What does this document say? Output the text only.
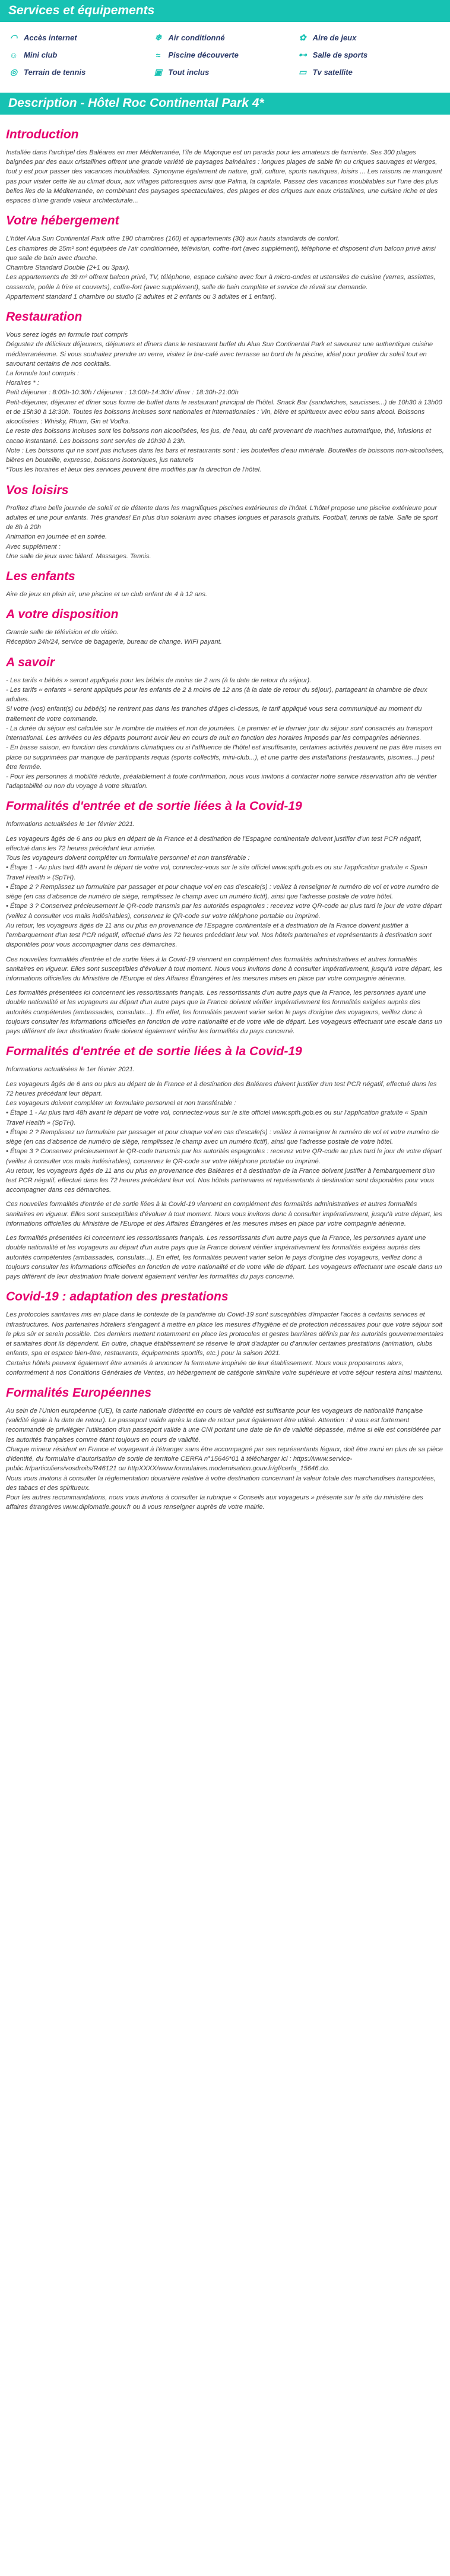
Services et équipements
◠ Accès internet	❄ Air conditionné	✿ Aire de jeux
☺ Mini club	≈	Piscine découverte	⊷ Salle de sports
◎ Terrain de tennis	▣ Tout inclus	▭ Tv satellite
Description - Hôtel Roc Continental Park 4*
Introduction

Installée dans l'archipel des Baléares en mer Méditerranée, l'île de Majorque est un paradis pour les amateurs de farniente. Ses 300 plages baignées par des eaux cristallines offrent une grande variété de paysages balnéaires : longues plages de sable fin ou criques sauvages et vierges, tout y est pour passer des vacances inoubliables. Synonyme également de nature, golf, culture, sports nautiques, loisirs ... Les raisons ne manquent pas pour visiter cette île au climat doux, aux villages pittoresques ainsi que Palma, la capitale. Passez des vacances inoubliables sur l'une des plus belles îles de la Méditerranée, en combinant des paysages spectaculaires, des plages et des criques aux eaux cristallines, une cuisine riche et des espaces d'une grande valeur architecturale...

Votre hébergement

L'hôtel Alua Sun Continental Park offre 190 chambres (160) et appartements (30) aux hauts standards de confort.
Les chambres de 25m² sont équipées de l'air conditionnée, télévision, coffre-fort (avec supplément), téléphone et disposent d'un balcon privé ainsi que salle de bain avec douche.
Chambre Standard Double (2+1 ou 3pax).
Les appartements de 39 m² offrent balcon privé, TV, téléphone, espace cuisine avec four à micro-ondes et ustensiles de cuisine (verres, assiettes, casserole, poêle à frire et couverts), coffre-fort (avec supplément), salle de bain complète et service de réveil sur demande.
Appartement standard 1 chambre ou studio (2 adultes et 2 enfants ou 3 adultes et 1 enfant).

Restauration

Vous serez logés en formule tout compris
Dégustez de délicieux déjeuners, déjeuners et dîners dans le restaurant buffet du Alua Sun Continental Park et savourez une authentique cuisine méditerranéenne. Si vous souhaitez prendre un verre, visitez le bar-café avec terrasse au bord de la piscine, idéal pour profiter du soleil tout en savourant certains de nos cocktails.
La formule tout compris :
Horaires * :
Petit déjeuner : 8:00h-10:30h / déjeuner : 13:00h-14:30h/ dîner : 18:30h-21:00h
Petit-déjeuner, déjeuner et dîner sous forme de buffet dans le restaurant principal de l'hôtel. Snack Bar (sandwiches, saucisses...) de 10h30 à 13h00 et de 15h30 à 18:30h. Toutes les boissons incluses sont nationales et internationales : Vin, bière et spiritueux avec et/ou sans alcool. Boissons alcoolisées : Whisky, Rhum, Gin et Vodka.
Le reste des boissons incluses sont les boissons non alcoolisées, les jus, de l'eau, du café provenant de machines automatique, thé, infusions et cacao instantané. Les boissons sont servies de 10h30 à 23h.
Note : Les boissons qui ne sont pas incluses dans les bars et restaurants sont : les bouteilles d'eau minérale. Bouteilles de boissons non-alcoolisées, bières en bouteille, expresso, boissons isotoniques, jus naturels
*Tous les horaires et lieux des services peuvent être modifiés par la direction de l'hôtel.

Vos loisirs

Profitez d'une belle journée de soleil et de détente dans les magnifiques piscines extérieures de l'hôtel. L'hôtel propose une piscine extérieure pour adultes et une pour enfants. Très grandes! En plus d'un solarium avec chaises longues et parasols gratuits. Football, tennis de table. Salle de sport de 8h à 20h
Animation en journée et en soirée.
Avec supplément :
Une salle de jeux avec billard. Massages. Tennis.

Les enfants

Aire de jeux en plein air, une piscine et un club enfant de 4 à 12 ans.

A votre disposition

Grande salle de télévision et de vidéo.
Réception 24h/24, service de bagagerie, bureau de change. WIFI payant.

A savoir

- Les tarifs « bébés » seront appliqués pour les bébés de moins de 2 ans (à la date de retour du séjour).
- Les tarifs « enfants » seront appliqués pour les enfants de 2 à moins de 12 ans (à la date de retour du séjour), partageant la chambre de deux adultes.
Si votre (vos) enfant(s) ou bébé(s) ne rentrent pas dans les tranches d'âges ci-dessus, le tarif appliqué vous sera communiqué au moment du traitement de votre commande.
- La durée du séjour est calculée sur le nombre de nuitées et non de journées. Le premier et le dernier jour du séjour sont consacrés au transport international. Les arrivées ou les départs pourront avoir lieu en cours de nuit en fonction des horaires imposés par les compagnies aériennes.
- En basse saison, en fonction des conditions climatiques ou si l'affluence de l'hôtel est insuffisante, certaines activités peuvent ne pas être mises en place ou supprimées par manque de participants requis (sports collectifs, mini-club...), et une partie des installations (restaurants, piscines...) peut être fermée.
- Pour les personnes à mobilité réduite, préalablement à toute confirmation, nous vous invitons à contacter notre service réservation afin de vérifier l'adaptabilité ou non du voyage à votre situation.

Formalités d'entrée et de sortie liées à la Covid-19

Informations actualisées le 1er février 2021.

Les voyageurs âgés de 6 ans ou plus en départ de la France et à destination de l'Espagne continentale doivent justifier d'un test PCR négatif, effectué dans les 72 heures précédant leur arrivée.
Tous les voyageurs doivent compléter un formulaire personnel et non transférable :
• Étape 1 - Au plus tard 48h avant le départ de votre vol, connectez-vous sur le site officiel www.spth.gob.es ou sur l'application gratuite « Spain Travel Health » (SpTH).
• Étape 2 ? Remplissez un formulaire par passager et pour chaque vol en cas d'escale(s) : veillez à renseigner le numéro de vol et votre numéro de siège (en cas d'absence de numéro de siège, remplissez le champ avec un numéro fictif), ainsi que l'adresse postale de votre hôtel.
• Étape 3 ? Conservez précieusement le QR-code transmis par les autorités espagnoles : recevez votre QR-code au plus tard le jour de votre départ (veillez à consulter vos mails indésirables), conservez le QR-code sur votre téléphone portable ou imprimé.
Au retour, les voyageurs âgés de 11 ans ou plus en provenance de l'Espagne continentale et à destination de la France doivent justifier à l'embarquement d'un test PCR négatif, effectué dans les 72 heures précédant leur vol. Nos hôtels partenaires et représentants à destination sont disponibles pour vous accompagner dans ces démarches.

Ces nouvelles formalités d'entrée et de sortie liées à la Covid-19 viennent en complément des formalités administratives et autres formalités sanitaires en vigueur. Elles sont susceptibles d'évoluer à tout moment. Nous vous invitons donc à consulter impérativement, jusqu'à votre départ, les informations officielles du Ministère de l'Europe et des Affaires Étrangères et les mesures mises en place par votre compagnie aérienne.

Les formalités présentées ici concernent les ressortissants français. Les ressortissants d'un autre pays que la France, les personnes ayant une double nationalité et les voyageurs au départ d'un autre pays que la France doivent vérifier impérativement les formalités exigées auprès des autorités compétentes (ambassades, consulats...). En effet, les formalités peuvent varier selon le pays d'origine des voyageurs, veillez donc à toujours consulter les informations officielles en fonction de votre nationalité et de votre ville de départ. Les voyageurs effectuant une escale dans un pays différent de leur destination finale doivent également vérifier les formalités du pays concerné.

Formalités d'entrée et de sortie liées à la Covid-19

Informations actualisées le 1er février 2021.

Les voyageurs âgés de 6 ans ou plus au départ de la France et à destination des Baléares doivent justifier d'un test PCR négatif, effectué dans les 72 heures précédant leur départ.
Les voyageurs doivent compléter un formulaire personnel et non transférable :
• Étape 1 - Au plus tard 48h avant le départ de votre vol, connectez-vous sur le site officiel www.spth.gob.es ou sur l'application gratuite « Spain Travel Health » (SpTH).
• Étape 2 ? Remplissez un formulaire par passager et pour chaque vol en cas d'escale(s) : veillez à renseigner le numéro de vol et votre numéro de siège (en cas d'absence de numéro de siège, remplissez le champ avec un numéro fictif), ainsi que l'adresse postale de votre hôtel.
• Étape 3 ? Conservez précieusement le QR-code transmis par les autorités espagnoles : recevez votre QR-code au plus tard le jour de votre départ (veillez à consulter vos mails indésirables), conservez le QR-code sur votre téléphone portable ou imprimé.
Au retour, les voyageurs âgés de 11 ans ou plus en provenance des Baléares et à destination de la France doivent justifier à l'embarquement d'un test PCR négatif, effectué dans les 72 heures précédant leur vol. Nos hôtels partenaires et représentants à destination sont disponibles pour vous accompagner dans ces démarches.

Ces nouvelles formalités d'entrée et de sortie liées à la Covid-19 viennent en complément des formalités administratives et autres formalités sanitaires en vigueur. Elles sont susceptibles d'évoluer à tout moment. Nous vous invitons donc à consulter impérativement, jusqu'à votre départ, les informations officielles du Ministère de l'Europe et des Affaires Étrangères et les mesures mises en place par votre compagnie aérienne.

Les formalités présentées ici concernent les ressortissants français. Les ressortissants d'un autre pays que la France, les personnes ayant une double nationalité et les voyageurs au départ d'un autre pays que la France doivent vérifier impérativement les formalités exigées auprès des autorités compétentes (ambassades, consulats...). En effet, les formalités peuvent varier selon le pays d'origine des voyageurs, veillez donc à toujours consulter les informations officielles en fonction de votre nationalité et de votre ville de départ. Les voyageurs effectuant une escale dans un pays différent de leur destination finale doivent également vérifier les formalités du pays concerné.

Covid-19 : adaptation des prestations

Les protocoles sanitaires mis en place dans le contexte de la pandémie du Covid-19 sont susceptibles d'impacter l'accès à certains services et infrastructures. Nos partenaires hôteliers s'engagent à mettre en place les mesures d'hygiène et de protection nécessaires pour que votre séjour soit le plus sûr et serein possible. Ces derniers mettent notamment en place les protocoles et gestes barrières définis par les autorités gouvernementales et sanitaires dont ils dépendent. En outre, chaque établissement se réserve le droit d'adapter ou d'annuler certaines prestations (animation, clubs enfants, spa et espace bien-être, restaurants, équipements sportifs, etc.) pour la saison 2021.
Certains hôtels peuvent également être amenés à annoncer la fermeture inopinée de leur établissement. Nous vous proposerons alors, conformément à nos Conditions Générales de Ventes, un hébergement de catégorie similaire voire supérieure et votre séjour restera ainsi maintenu.

Formalités Européennes

Au sein de l'Union européenne (UE), la carte nationale d'identité en cours de validité est suffisante pour les voyageurs de nationalité française (validité égale à la date de retour). Le passeport valide après la date de retour peut également être utilisé. Attention : il vous est fortement recommandé de privilégier l'utilisation d'un passeport valide à une CNI portant une date de fin de validité dépassée, même si elle est considérée par les autorités françaises comme étant toujours en cours de validité.
Chaque mineur résident en France et voyageant à l'étranger sans être accompagné par ses représentants légaux, doit être muni en plus de sa pièce d'identité, du formulaire d'autorisation de sortie de territoire CERFA n°15646*01 à télécharger ici : https://www.service-public.fr/particuliers/vosdroits/R46121 ou httpXXXX/www.formulaires.modernisation.gouv.fr/gf/cerfa_15646.do.
Nous vous invitons à consulter la réglementation douanière relative à votre destination concernant la valeur totale des marchandises transportées, des tabacs et des spiritueux.
Pour les autres recommandations, nous vous invitons à consulter la rubrique « Conseils aux voyageurs » présente sur le site du ministère des affaires étrangères www.diplomatie.gouv.fr ou à vous renseigner auprès de votre mairie.
